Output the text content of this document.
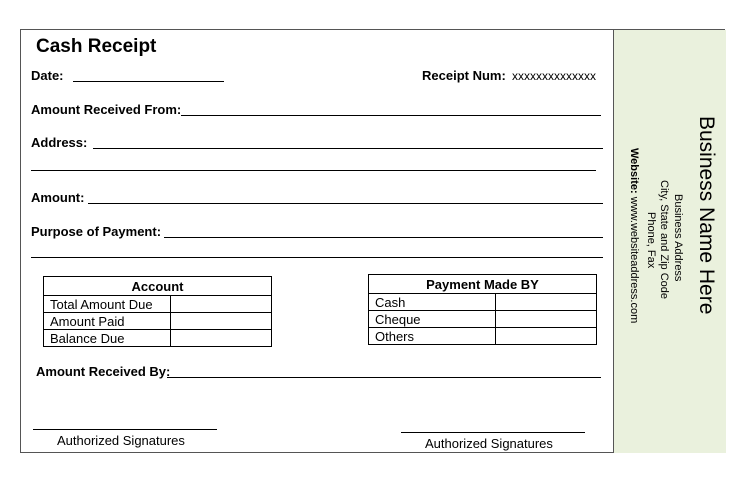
Cash Receipt
Date:	Receipt Num: xxxxxxxxxxxxxx
Amount Received From:
Address:
Amount:
Purpose of Payment:
Account	
Total Amount Due	
Amount Paid	
Balance Due	
Payment Made BY	
Cash	
Cheque	
Others	
Amount Received By:
Authorized Signatures	Authorized Signatures
Business Name Here
Business Address
City, State and Zip Code
Phone, Fax
Website: www.websiteaddress.com
